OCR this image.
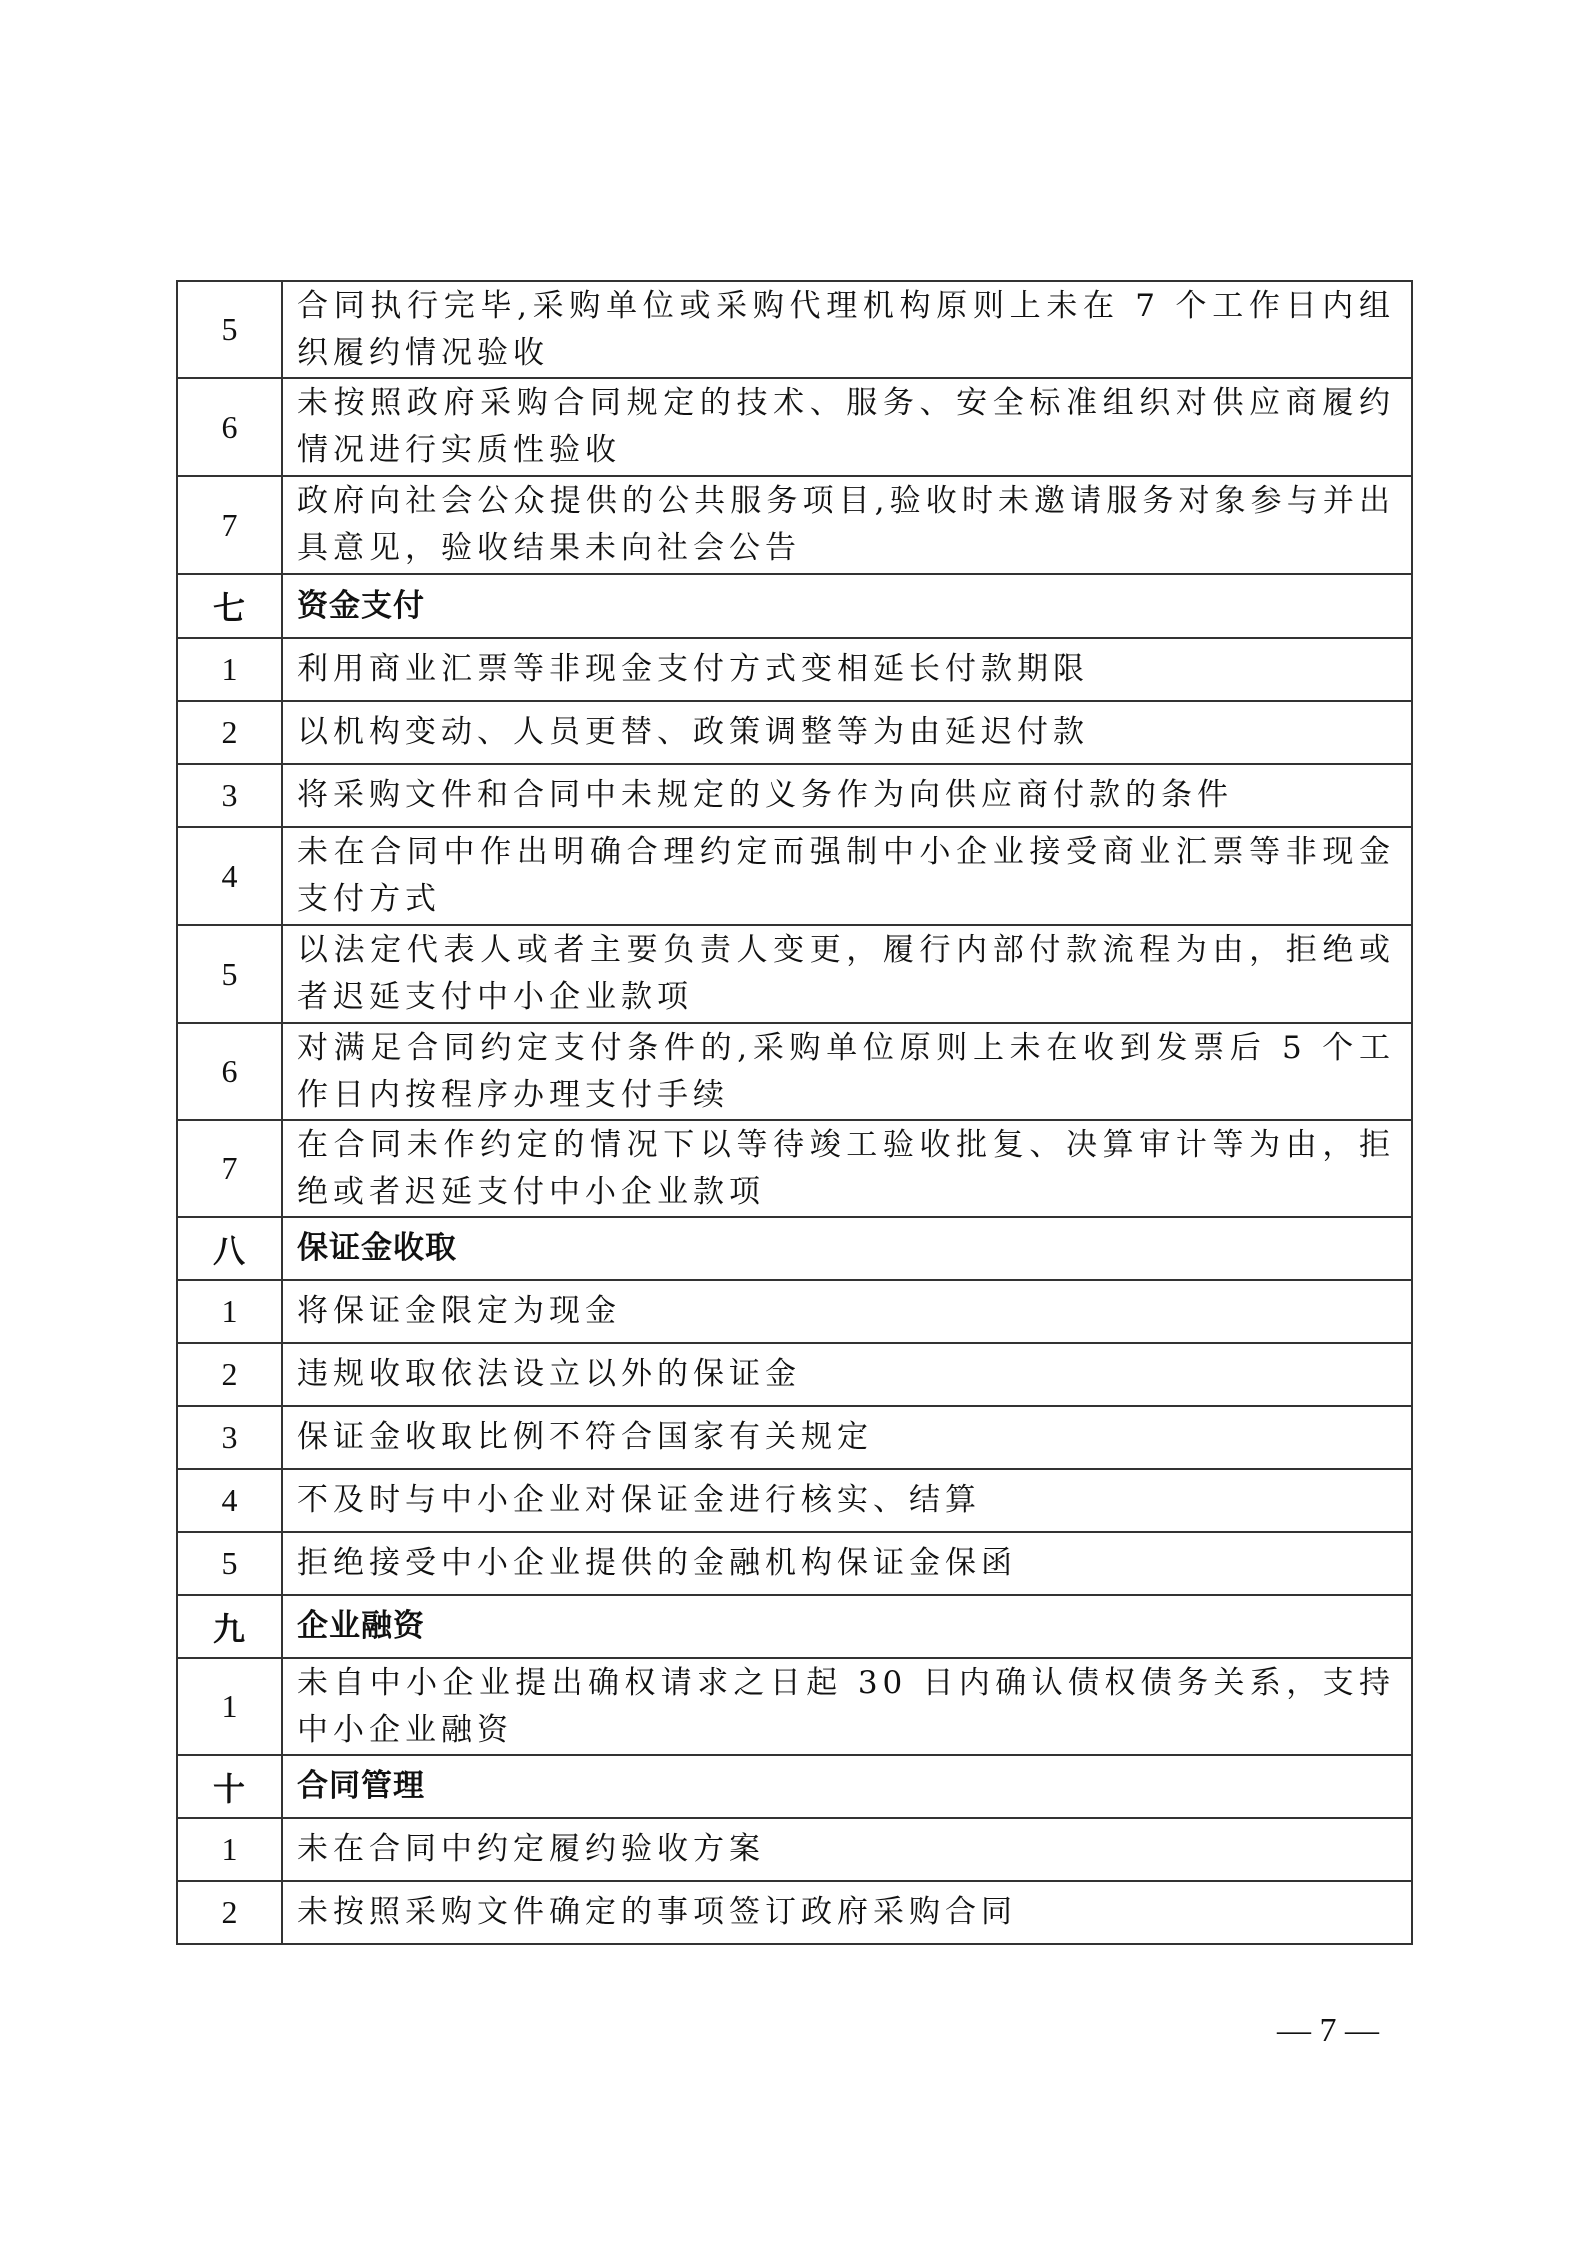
5	合同执行完毕,采购单位或采购代理机构原则上未在 7 个工作日内组织履约情况验收
6	未按照政府采购合同规定的技术、服务、安全标准组织对供应商履约情况进行实质性验收
7	政府向社会公众提供的公共服务项目,验收时未邀请服务对象参与并出具意见，验收结果未向社会公告
七	资金支付
1	利用商业汇票等非现金支付方式变相延长付款期限
2	以机构变动、人员更替、政策调整等为由延迟付款
3	将采购文件和合同中未规定的义务作为向供应商付款的条件
4	未在合同中作出明确合理约定而强制中小企业接受商业汇票等非现金支付方式
5	以法定代表人或者主要负责人变更，履行内部付款流程为由，拒绝或者迟延支付中小企业款项
6	对满足合同约定支付条件的,采购单位原则上未在收到发票后 5 个工作日内按程序办理支付手续
7	在合同未作约定的情况下以等待竣工验收批复、决算审计等为由，拒绝或者迟延支付中小企业款项
八	保证金收取
1	将保证金限定为现金
2	违规收取依法设立以外的保证金
3	保证金收取比例不符合国家有关规定
4	不及时与中小企业对保证金进行核实、结算
5	拒绝接受中小企业提供的金融机构保证金保函
九	企业融资
1	未自中小企业提出确权请求之日起 30 日内确认债权债务关系，支持中小企业融资
十	合同管理
1	未在合同中约定履约验收方案
2	未按照采购文件确定的事项签订政府采购合同
— 7 —
